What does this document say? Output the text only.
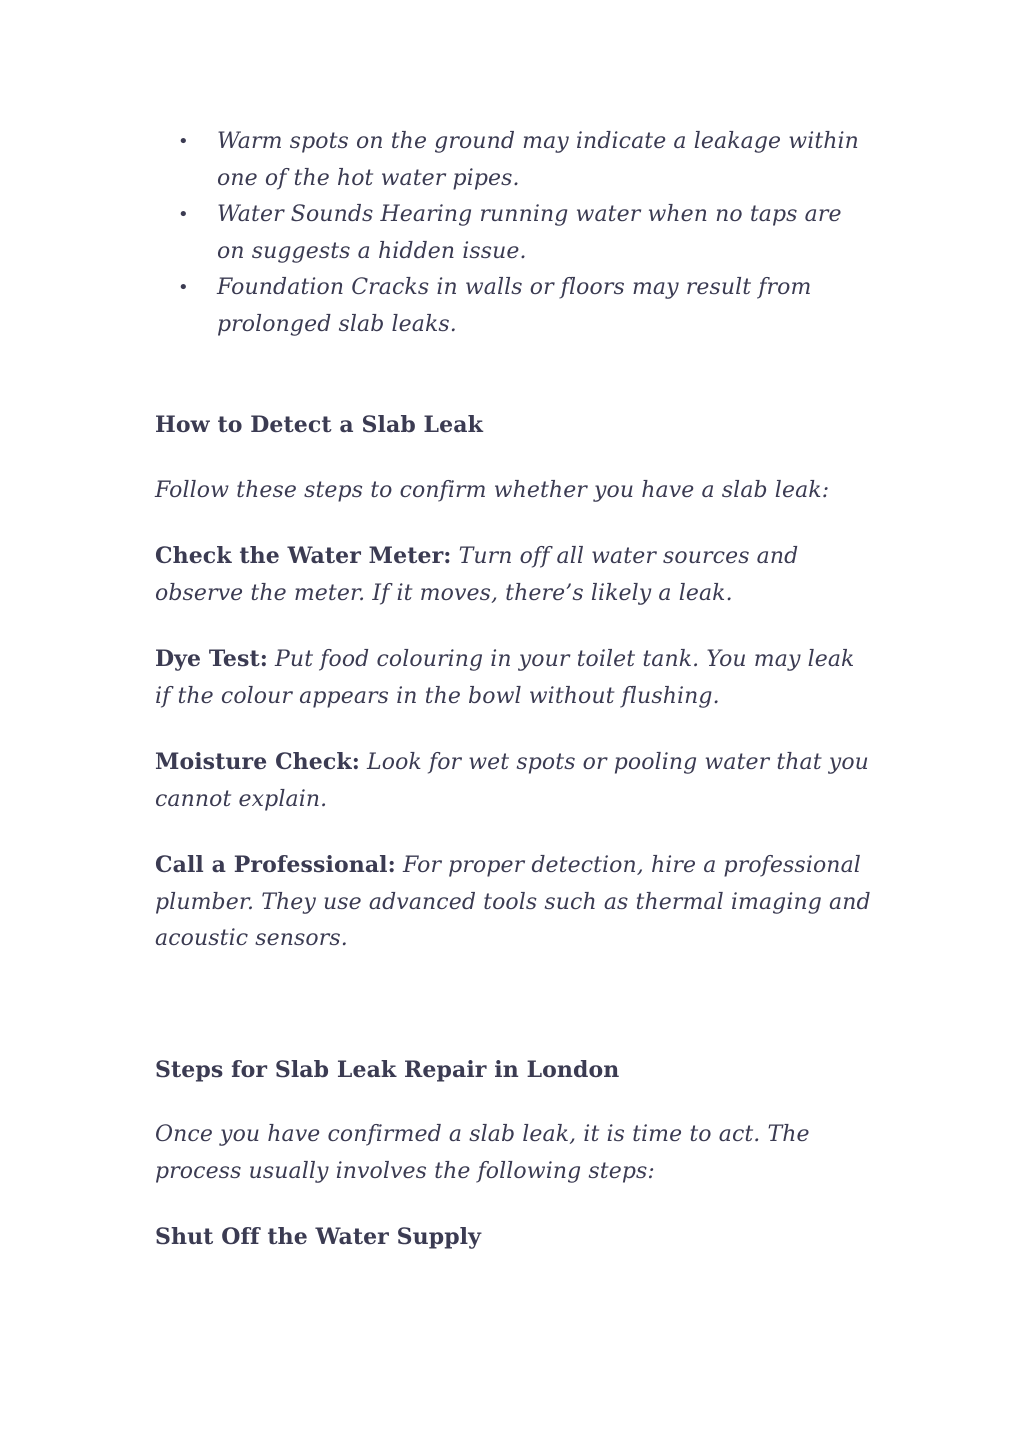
• Warm spots on the ground may indicate a leakage within one of the hot water pipes.
• Water Sounds Hearing running water when no taps are on suggests a hidden issue.
• Foundation Cracks in walls or floors may result from prolonged slab leaks.
How to Detect a Slab Leak

Follow these steps to confirm whether you have a slab leak:

Check the Water Meter: Turn off all water sources and observe the meter. If it moves, there’s likely a leak.

Dye Test: Put food colouring in your toilet tank. You may leak if the colour appears in the bowl without flushing.

Moisture Check: Look for wet spots or pooling water that you cannot explain.

Call a Professional: For proper detection, hire a professional plumber. They use advanced tools such as thermal imaging and acoustic sensors.

Steps for Slab Leak Repair in London

Once you have confirmed a slab leak, it is time to act. The process usually involves the following steps:

Shut Off the Water Supply
